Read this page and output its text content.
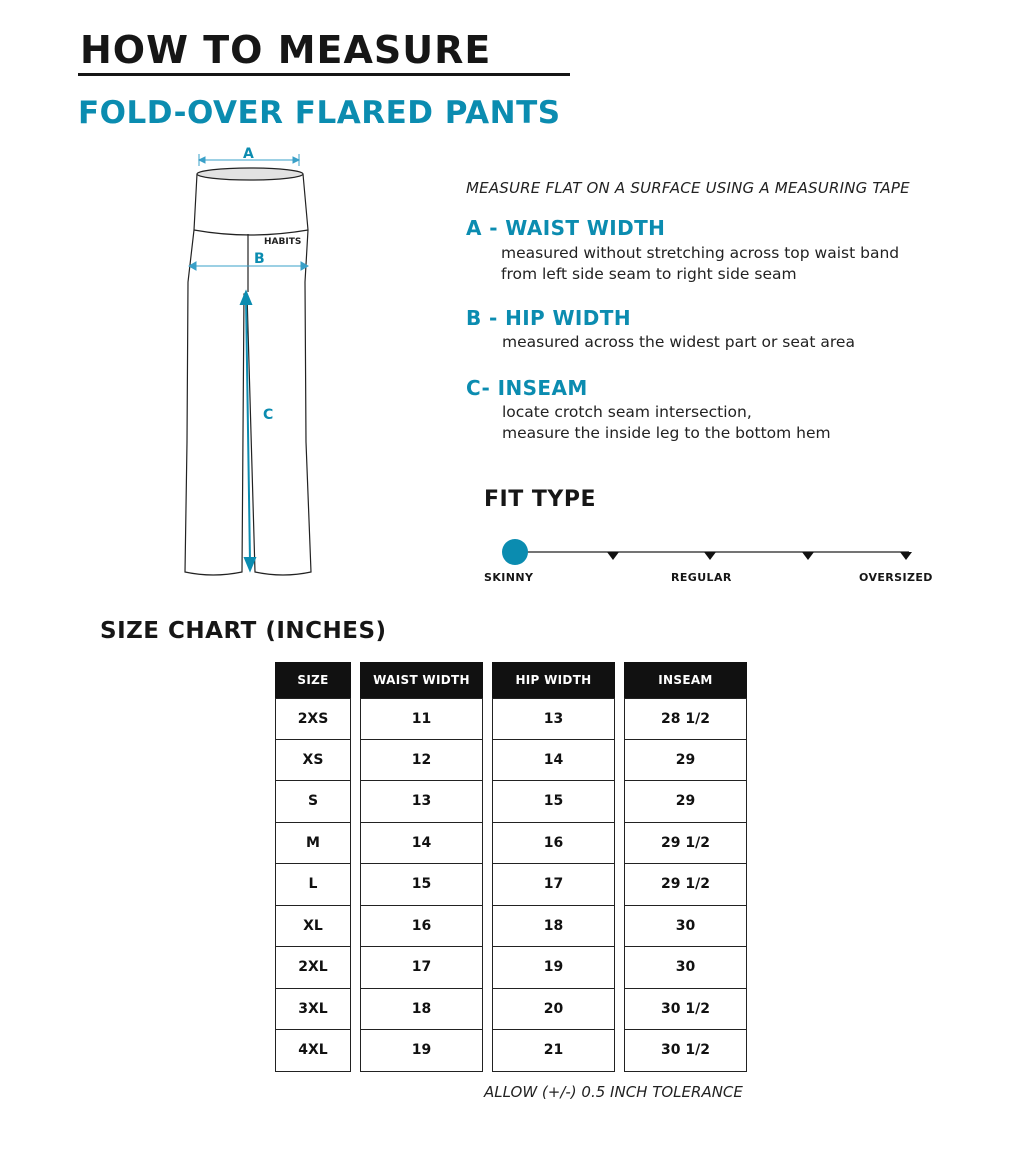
HOW TO MEASURE
FOLD-OVER FLARED PANTS
HABITS
A
B
C
MEASURE FLAT ON A SURFACE USING A MEASURING TAPE
A - WAIST WIDTH
measured without stretching across top waist band
from left side seam to right side seam
B - HIP WIDTH
measured across the widest part or seat area
C- INSEAM
locate crotch seam intersection,
measure the inside leg to the bottom hem
FIT TYPE
SKINNY	REGULAR	OVERSIZED
SIZE CHART (INCHES)
SIZE
2XS
XS
S
M
L
XL
2XL
3XL
4XL
WAIST WIDTH
11
12
13
14
15
16
17
18
19
HIP WIDTH
13
14
15
16
17
18
19
20
21
INSEAM
28 1/2
29
29
29 1/2
29 1/2
30
30
30 1/2
30 1/2
ALLOW (+/-) 0.5 INCH TOLERANCE
